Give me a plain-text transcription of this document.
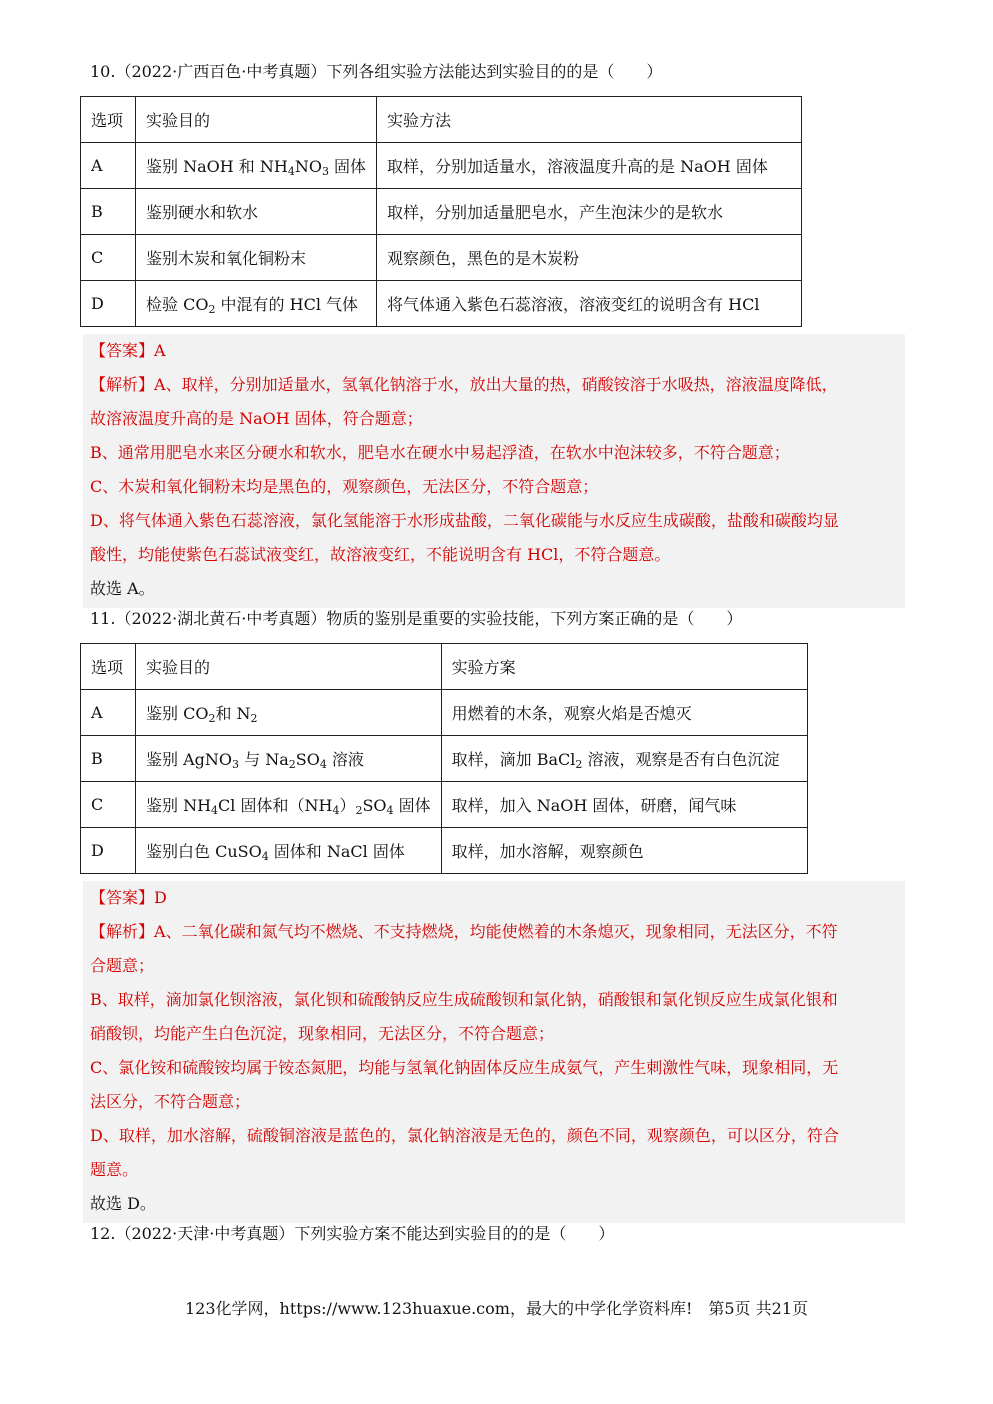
10.（2022·广西百色·中考真题）下列各组实验方法能达到实验目的的是（　　）
选项	实验目的	实验方法
A	鉴别 NaOH 和 $NH_4NO_3$ 固体	取样，分别加适量水，溶液温度升高的是 NaOH 固体
B	鉴别硬水和软水	取样，分别加适量肥皂水，产生泡沫少的是软水
C	鉴别木炭和氧化铜粉末	观察颜色，黑色的是木炭粉
D	检验 $CO_2$ 中混有的 HCl 气体	将气体通入紫色石蕊溶液，溶液变红的说明含有 HCl
【答案】A
【解析】A、取样，分别加适量水，氢氧化钠溶于水，放出大量的热，硝酸铵溶于水吸热，溶液温度降低，
故溶液温度升高的是 NaOH 固体，符合题意；
B、通常用肥皂水来区分硬水和软水，肥皂水在硬水中易起浮渣，在软水中泡沫较多，不符合题意；
C、木炭和氧化铜粉末均是黑色的，观察颜色，无法区分，不符合题意；
D、将气体通入紫色石蕊溶液，氯化氢能溶于水形成盐酸，二氧化碳能与水反应生成碳酸，盐酸和碳酸均显
酸性，均能使紫色石蕊试液变红，故溶液变红，不能说明含有 HCl，不符合题意。
故选 A。
11.（2022·湖北黄石·中考真题）物质的鉴别是重要的实验技能，下列方案正确的是（　　）
选项	实验目的	实验方案
A	鉴别 $CO_2$和 $N_2$	用燃着的木条，观察火焰是否熄灭
B	鉴别 AgNO$_3$ 与 $Na_2SO_4$ 溶液	取样，滴加 BaCl$_2$ 溶液，观察是否有白色沉淀
C	鉴别 $NH_4Cl$ 固体和$(NH_4)_2SO_4$ 固体	取样，加入 NaOH 固体，研磨，闻气味
D	鉴别白色 CuSO$_4$ 固体和 NaCl 固体	取样，加水溶解，观察颜色
【答案】D
【解析】A、二氧化碳和氮气均不燃烧、不支持燃烧，均能使燃着的木条熄灭，现象相同，无法区分，不符
合题意；
B、取样，滴加氯化钡溶液，氯化钡和硫酸钠反应生成硫酸钡和氯化钠，硝酸银和氯化钡反应生成氯化银和
硝酸钡，均能产生白色沉淀，现象相同，无法区分，不符合题意；
C、氯化铵和硫酸铵均属于铵态氮肥，均能与氢氧化钠固体反应生成氨气，产生刺激性气味，现象相同，无
法区分，不符合题意；
D、取样，加水溶解，硫酸铜溶液是蓝色的，氯化钠溶液是无色的，颜色不同，观察颜色，可以区分，符合
题意。
故选 D。
12.（2022·天津·中考真题）下列实验方案不能达到实验目的的是（　　）
123化学网，https://www.123huaxue.com，最大的中学化学资料库!　第5页 共21页
